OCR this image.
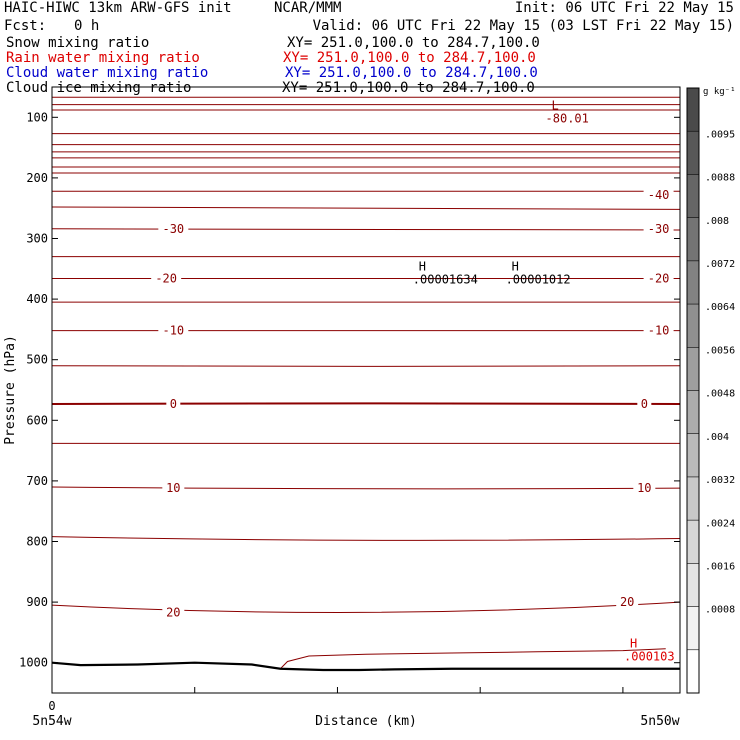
HAIC-HIWC 13km ARW-GFS init	NCAR/MMM	Init: 06 UTC Fri 22 May 15
Fcst: 0 h	Valid: 06 UTC Fri 22 May 15 (03 LST Fri 22 May 15)
Snow mixing ratio	XY= 251.0,100.0 to 284.7,100.0
Rain water mixing ratio	XY= 251.0,100.0 to 284.7,100.0
Cloud water mixing ratio	XY= 251.0,100.0 to 284.7,100.0
Cloud ice mixing ratio	XY= 251.0,100.0 to 284.7,100.0
-40
-30	-30
-20	-20
-10	-10
0	0
10	10
20
20
L
-80.01
H
.00001634
H
.00001012
H
.000103
100
200
300
400
500
600
700
800
900
1000
0
5n54w	5n50w
Distance (km)
Pressure (hPa)
.0095
.0088
.008
.0072
.0064
.0056
.0048
.004
.0032
.0024
.0016
.0008
g kg⁻¹
